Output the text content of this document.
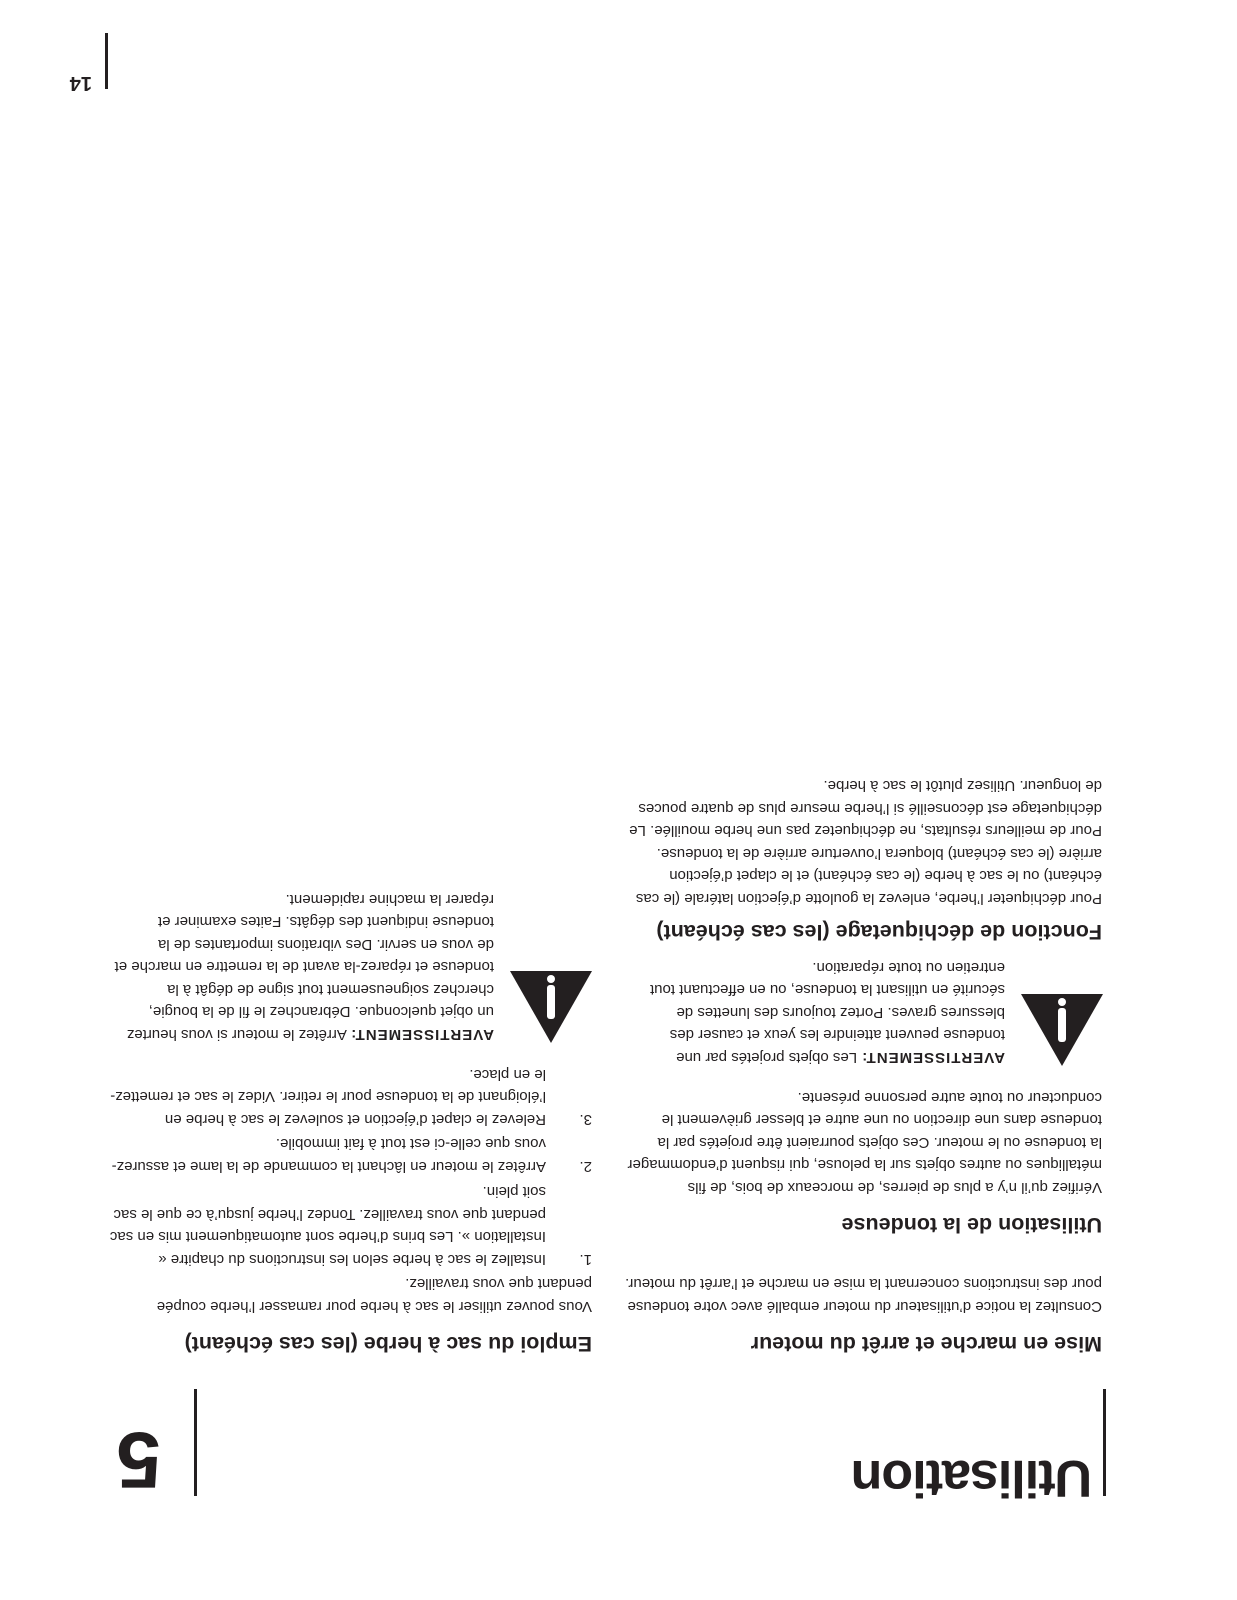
Utilisation
5
Mise en marche et arrêt du moteur

Consultez la notice d’utilisateur du moteur emballé avec votre tondeuse pour des instructions concernant la mise en marche et l’arrêt du moteur.

Utilisation de la tondeuse

Vérifiez qu’il n’y a plus de pierres, de morceaux de bois, de fils métalliques ou autres objets sur la pelouse, qui risquent d’endommager la tondeuse ou le moteur. Ces objets pourraient être projetés par la tondeuse dans une direction ou une autre et blesser grièvement le conducteur ou toute autre personne présente.

AVERTISSEMENT: Les objets projetés par une tondeuse peuvent atteindre les yeux et causer des blessures graves. Portez toujours des lunettes de sécurité en utilisant la tondeuse, ou en effectuant tout entretien ou toute réparation.
Fonction de déchiquetage (les cas échéant)

Pour déchiqueter l’herbe, enlevez la goulotte d’éjection latérale (le cas échéant) ou le sac à herbe (le cas échéant) et le clapet d’éjection arrière (le cas échéant) bloquera l’ouverture arrière de la tondeuse. Pour de meilleurs résultats, ne déchiquetez pas une herbe mouillée. Le déchiquetage est déconseillé si l’herbe mesure plus de quatre pouces de longueur. Utilisez plutôt le sac à herbe.

Emploi du sac à herbe (les cas échéant)

Vous pouvez utiliser le sac à herbe pour ramasser l’herbe coupée pendant que vous travaillez.

1.
Installez le sac à herbe selon les instructions du chapitre « Installation ». Les brins d’herbe sont automatiquement mis en sac pendant que vous travaillez. Tondez l’herbe jusqu’à ce que le sac soit plein.
2.
Arrêtez le moteur en lâchant la commande de la lame et assurez-vous que celle-ci est tout à fait immobile.
3.
Relevez le clapet d’éjection et soulevez le sac à herbe en l’éloignant de la tondeuse pour le retirer. Videz le sac et remettez-le en place.
AVERTISSEMENT: Arrêtez le moteur si vous heurtez un objet quelconque. Débranchez le fil de la bougie, cherchez soigneusement tout signe de dégât à la tondeuse et réparez-la avant de la remettre en marche et de vous en servir. Des vibrations importantes de la tondeuse indiquent des dégâts. Faites examiner et réparer la machine rapidement.
14
